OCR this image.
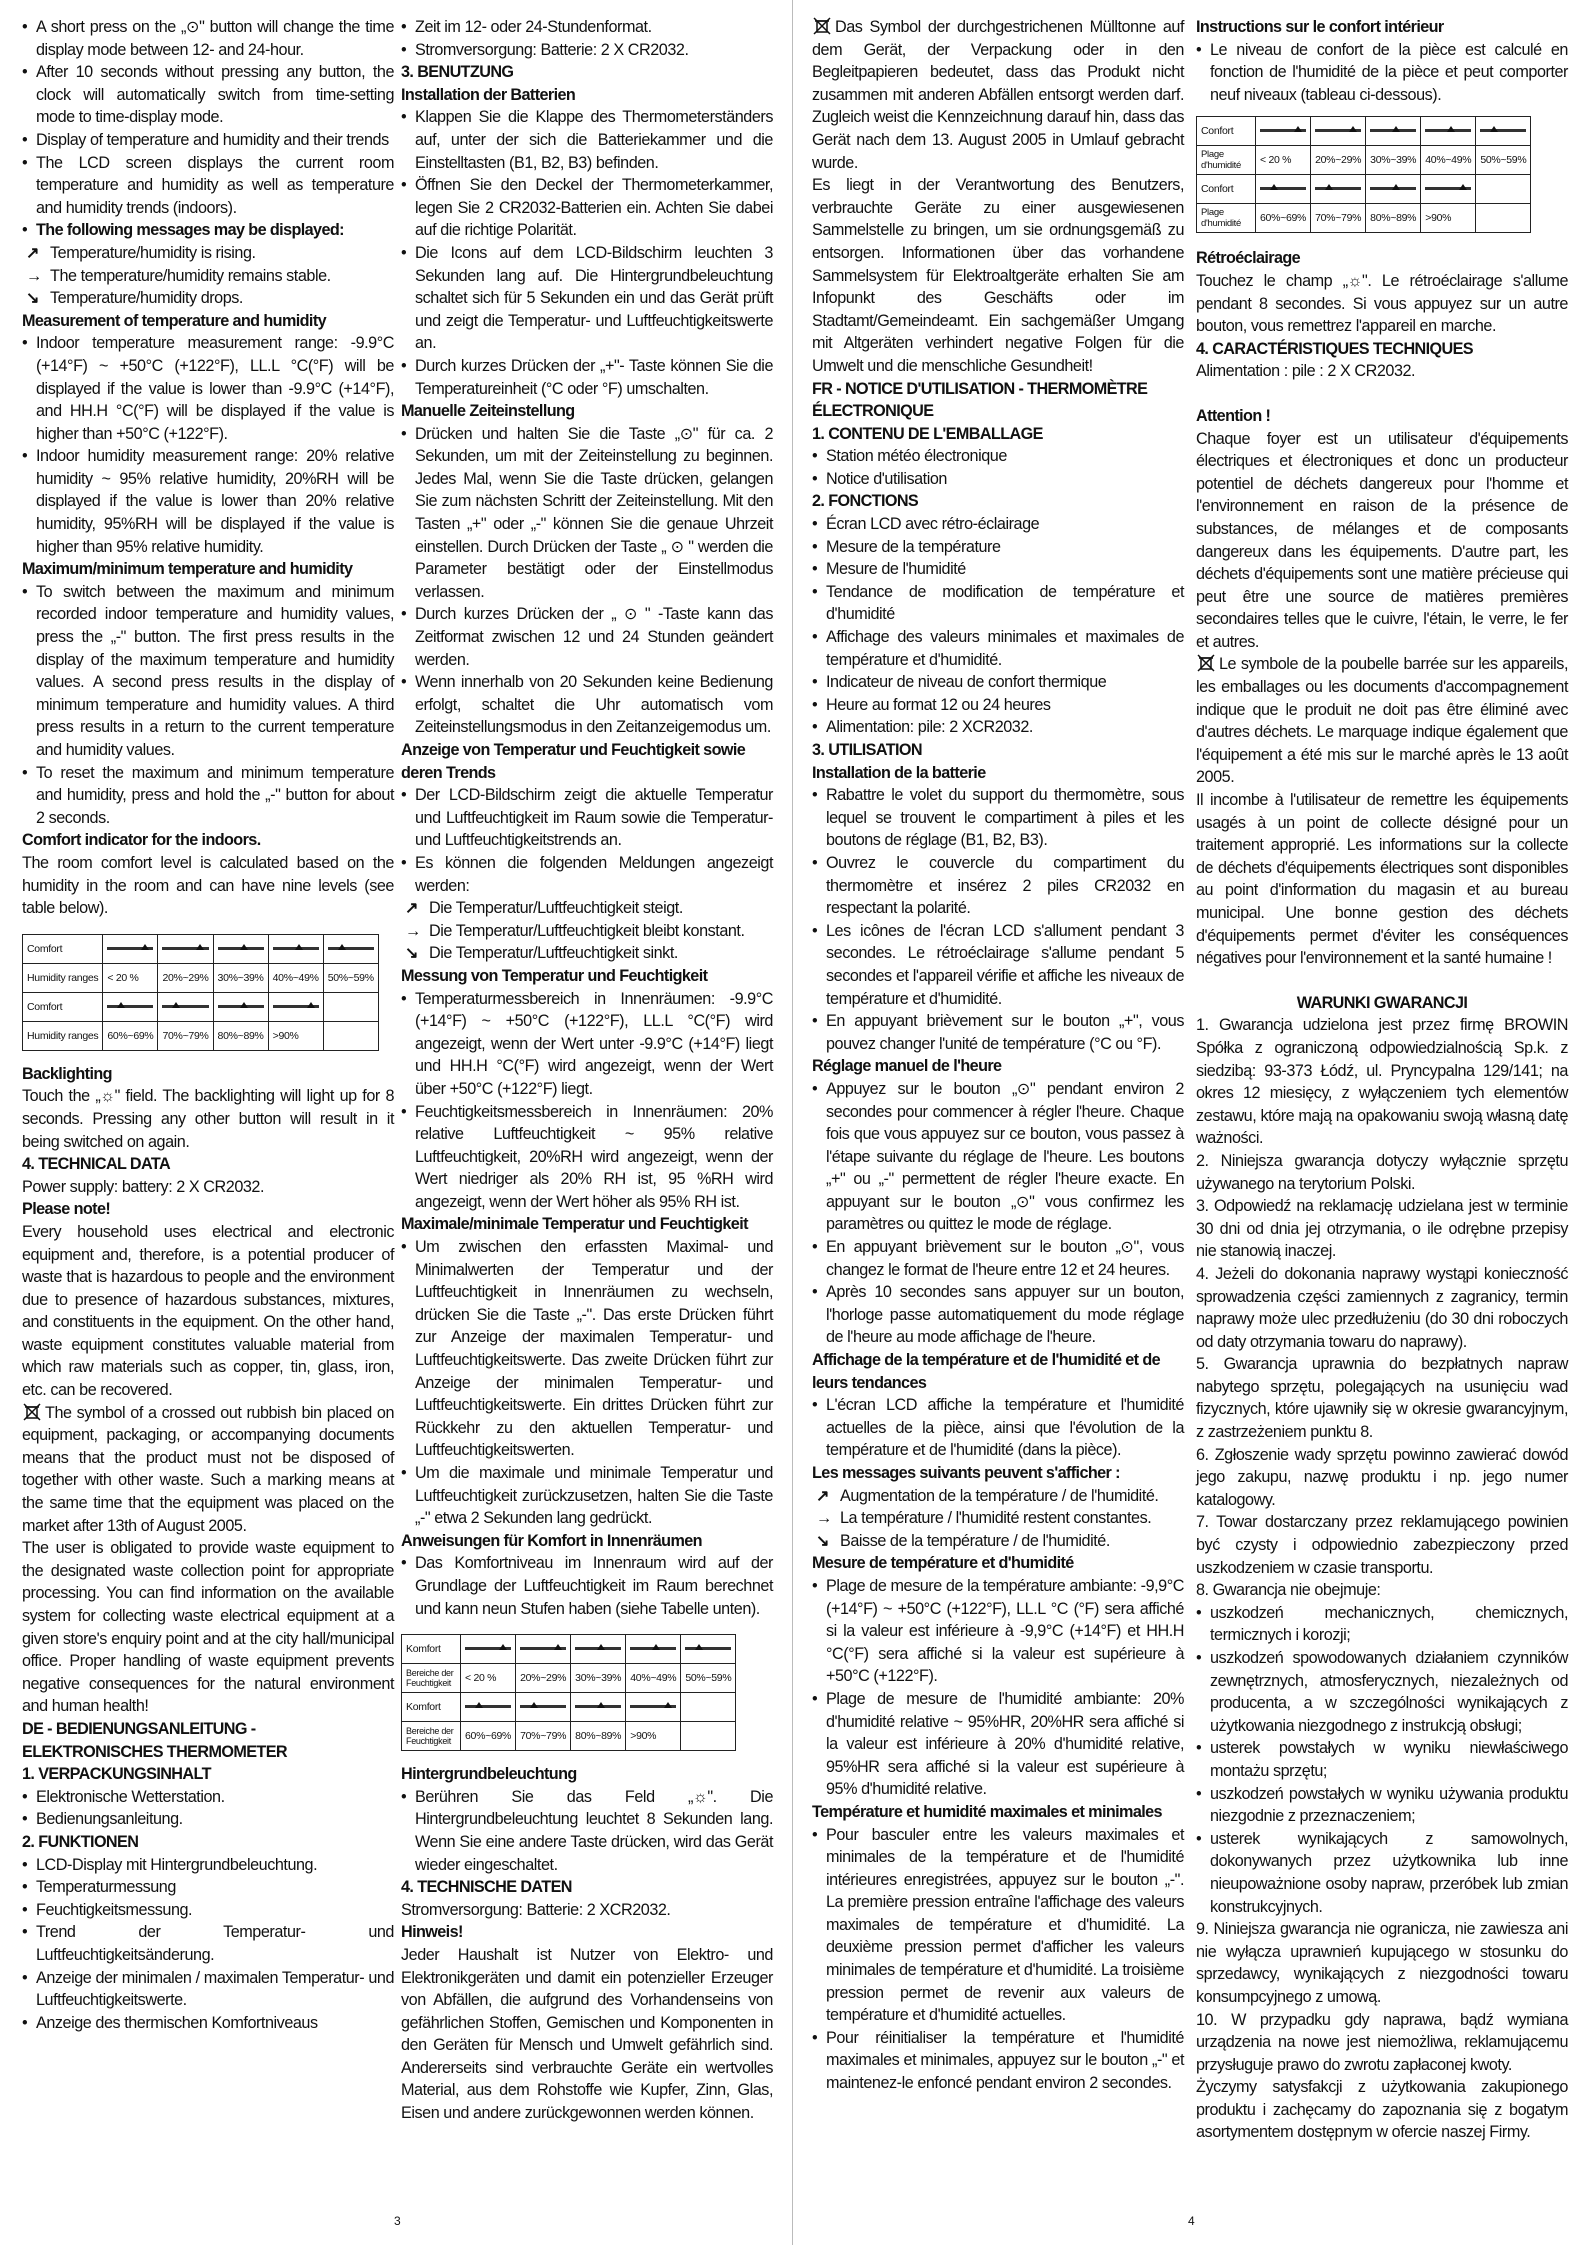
• A short press on the „⊙" button will change the time display mode between 12- and 24-hour.
• After 10 seconds without pressing any button, the clock will automatically switch from time-setting mode to time-display mode.
• Display of temperature and humidity and their trends
• The LCD screen displays the current room temperature and humidity as well as temperature and humidity trends (indoors).
• The following messages may be displayed:
↗ Temperature/humidity is rising.
→ The temperature/humidity remains stable.
↘ Temperature/humidity drops.
Measurement of temperature and humidity
• Indoor temperature measurement range: -9.9°C (+14°F) ~ +50°C (+122°F), LL.L °C(°F) will be displayed if the value is lower than -9.9°C (+14°F), and HH.H °C(°F) will be displayed if the value is higher than +50°C (+122°F).
• Indoor humidity measurement range: 20% relative humidity ~ 95% relative humidity, 20%RH will be displayed if the value is lower than 20% relative humidity, 95%RH will be displayed if the value is higher than 95% relative humidity.
Maximum/minimum temperature and humidity
• To switch between the maximum and minimum recorded indoor temperature and humidity values, press the „-" button. The first press results in the display of the maximum temperature and humidity values. A second press results in the display of minimum temperature and humidity values. A third press results in a return to the current temperature and humidity values.
• To reset the maximum and minimum temperature and humidity, press and hold the „-" button for about 2 seconds.
Comfort indicator for the indoors.

The room comfort level is calculated based on the humidity in the room and can have nine levels (see table below).

Comfort	

Humidity ranges	< 20 %	20%~29%	30%~39%	40%~49%	50%~59%
Comfort	

Humidity ranges	60%~69%	70%~79%	80%~89%	>90%	
Backlighting

Touch the „☼" field. The backlighting will light up for 8 seconds. Pressing any other button will result in it being switched on again.

4. TECHNICAL DATA

Power supply: battery: 2 X CR2032.

Please note!

Every household uses electrical and electronic equipment and, therefore, is a potential producer of waste that is hazardous to people and the environment due to presence of hazardous substances, mixtures, and constituents in the equipment. On the other hand, waste equipment constitutes valuable material from which raw materials such as copper, tin, glass, iron, etc. can be recovered.

The symbol of a crossed out rubbish bin placed on equipment, packaging, or accompanying documents means that the product must not be disposed of together with other waste. Such a marking means at the same time that the equipment was placed on the market after 13th of August 2005.

The user is obligated to provide waste equipment to the designated waste collection point for appropriate processing. You can find information on the available system for collecting waste electrical equipment at a given store's enquiry point and at the city hall/municipal office. Proper handling of waste equipment prevents negative consequences for the natural environment and human health!

DE - BEDIENUNGSANLEITUNG - ELEKTRONISCHES THERMOMETER
1. VERPACKUNGSINHALT
• Elektronische Wetterstation.
• Bedienungsanleitung.
2. FUNKTIONEN
• LCD-Display mit Hintergrundbeleuchtung.
• Temperaturmessung
• Feuchtigkeitsmessung.
• Trend der Temperatur- und Luftfeuchtigkeitsänderung.
• Anzeige der minimalen / maximalen Temperatur- und Luftfeuchtigkeitswerte.
• Anzeige des thermischen Komfortniveaus
• Zeit im 12- oder 24-Stundenformat.
• Stromversorgung: Batterie: 2 X CR2032.
3. BENUTZUNG
Installation der Batterien
• Klappen Sie die Klappe des Thermometerständers auf, unter der sich die Batteriekammer und die Einstelltasten (B1, B2, B3) befinden.
• Öffnen Sie den Deckel der Thermometerkammer, legen Sie 2 CR2032-Batterien ein. Achten Sie dabei auf die richtige Polarität.
• Die Icons auf dem LCD-Bildschirm leuchten 3 Sekunden lang auf. Die Hintergrundbeleuchtung schaltet sich für 5 Sekunden ein und das Gerät prüft und zeigt die Temperatur- und Luftfeuchtigkeitswerte an.
• Durch kurzes Drücken der „+"- Taste können Sie die Temperatureinheit (°C oder °F) umschalten.
Manuelle Zeiteinstellung
• Drücken und halten Sie die Taste „⊙" für ca. 2 Sekunden, um mit der Zeiteinstellung zu beginnen. Jedes Mal, wenn Sie die Taste drücken, gelangen Sie zum nächsten Schritt der Zeiteinstellung. Mit den Tasten „+" oder „-" können Sie die genaue Uhrzeit einstellen. Durch Drücken der Taste „ ⊙ " werden die Parameter bestätigt oder der Einstellmodus verlassen.
• Durch kurzes Drücken der „ ⊙ " -Taste kann das Zeitformat zwischen 12 und 24 Stunden geändert werden.
• Wenn innerhalb von 20 Sekunden keine Bedienung erfolgt, schaltet die Uhr automatisch vom Zeiteinstellungsmodus in den Zeitanzeigemodus um.
Anzeige von Temperatur und Feuchtigkeit sowie deren Trends
• Der LCD-Bildschirm zeigt die aktuelle Temperatur und Luftfeuchtigkeit im Raum sowie die Temperatur- und Luftfeuchtigkeitstrends an.
• Es können die folgenden Meldungen angezeigt werden:
↗ Die Temperatur/Luftfeuchtigkeit steigt.
→ Die Temperatur/Luftfeuchtigkeit bleibt konstant.
↘ Die Temperatur/Luftfeuchtigkeit sinkt.
Messung von Temperatur und Feuchtigkeit
• Temperaturmessbereich in Innenräumen: -9.9°C (+14°F) ~ +50°C (+122°F), LL.L °C(°F) wird angezeigt, wenn der Wert unter -9.9°C (+14°F) liegt und HH.H °C(°F) wird angezeigt, wenn der Wert über +50°C (+122°F) liegt.
• Feuchtigkeitsmessbereich in Innenräumen: 20% relative Luftfeuchtigkeit ~ 95% relative Luftfeuchtigkeit, 20%RH wird angezeigt, wenn der Wert niedriger als 20% RH ist, 95 %RH wird angezeigt, wenn der Wert höher als 95% RH ist.
Maximale/minimale Temperatur und Feuchtigkeit
• Um zwischen den erfassten Maximal- und Minimalwerten der Temperatur und der Luftfeuchtigkeit in Innenräumen zu wechseln, drücken Sie die Taste „-". Das erste Drücken führt zur Anzeige der maximalen Temperatur- und Luftfeuchtigkeitswerte. Das zweite Drücken führt zur Anzeige der minimalen Temperatur- und Luftfeuchtigkeitswerte. Ein drittes Drücken führt zur Rückkehr zu den aktuellen Temperatur- und Luftfeuchtigkeitswerten.
• Um die maximale und minimale Temperatur und Luftfeuchtigkeit zurückzusetzen, halten Sie die Taste „-" etwa 2 Sekunden lang gedrückt.
Anweisungen für Komfort in Innenräumen
• Das Komfortniveau im Innenraum wird auf der Grundlage der Luftfeuchtigkeit im Raum berechnet und kann neun Stufen haben (siehe Tabelle unten).
Komfort	

Bereiche der Feuchtigkeit	< 20 %	20%~29%	30%~39%	40%~49%	50%~59%
Komfort	

Bereiche der Feuchtigkeit	60%~69%	70%~79%	80%~89%	>90%	
Hintergrundbeleuchtung
• Berühren Sie das Feld „☼". Die Hintergrundbeleuchtung leuchtet 8 Sekunden lang. Wenn Sie eine andere Taste drücken, wird das Gerät wieder eingeschaltet.
4. TECHNISCHE DATEN

Stromversorgung: Batterie: 2 XCR2032.

Hinweis!

Jeder Haushalt ist Nutzer von Elektro- und Elektronikgeräten und damit ein potenzieller Erzeuger von Abfällen, die aufgrund des Vorhandenseins von gefährlichen Stoffen, Gemischen und Komponenten in den Geräten für Mensch und Umwelt gefährlich sind. Andererseits sind verbrauchte Geräte ein wertvolles Material, aus dem Rohstoffe wie Kupfer, Zinn, Glas, Eisen und andere zurückgewonnen werden können.

3

Das Symbol der durchgestrichenen Mülltonne auf dem Gerät, der Verpackung oder in den Begleitpapieren bedeutet, dass das Produkt nicht zusammen mit anderen Abfällen entsorgt werden darf. Zugleich weist die Kennzeichnung darauf hin, dass das Gerät nach dem 13. August 2005 in Umlauf gebracht wurde.

Es liegt in der Verantwortung des Benutzers, verbrauchte Geräte zu einer ausgewiesenen Sammelstelle zu bringen, um sie ordnungsgemäß zu entsorgen. Informationen über das vorhandene Sammelsystem für Elektroaltgeräte erhalten Sie am Infopunkt des Geschäfts oder im Stadtamt/Gemeindeamt. Ein sachgemäßer Umgang mit Altgeräten verhindert negative Folgen für die Umwelt und die menschliche Gesundheit!

FR - NOTICE D'UTILISATION - THERMOMÈTRE ÉLECTRONIQUE
1. CONTENU DE L'EMBALLAGE
• Station météo électronique
• Notice d'utilisation
2. FONCTIONS
• Écran LCD avec rétro-éclairage
• Mesure de la température
• Mesure de l'humidité
• Tendance de modification de température et d'humidité
• Affichage des valeurs minimales et maximales de température et d'humidité.
• Indicateur de niveau de confort thermique
• Heure au format 12 ou 24 heures
• Alimentation: pile: 2 XCR2032.
3. UTILISATION
Installation de la batterie
• Rabattre le volet du support du thermomètre, sous lequel se trouvent le compartiment à piles et les boutons de réglage (B1, B2, B3).
• Ouvrez le couvercle du compartiment du thermomètre et insérez 2 piles CR2032 en respectant la polarité.
• Les icônes de l'écran LCD s'allument pendant 3 secondes. Le rétroéclairage s'allume pendant 5 secondes et l'appareil vérifie et affiche les niveaux de température et d'humidité.
• En appuyant brièvement sur le bouton „+", vous pouvez changer l'unité de température (°C ou °F).
Réglage manuel de l'heure
• Appuyez sur le bouton „⊙" pendant environ 2 secondes pour commencer à régler l'heure. Chaque fois que vous appuyez sur ce bouton, vous passez à l'étape suivante du réglage de l'heure. Les boutons „+" ou „-" permettent de régler l'heure exacte. En appuyant sur le bouton „⊙" vous confirmez les paramètres ou quittez le mode de réglage.
• En appuyant brièvement sur le bouton „⊙", vous changez le format de l'heure entre 12 et 24 heures.
• Après 10 secondes sans appuyer sur un bouton, l'horloge passe automatiquement du mode réglage de l'heure au mode affichage de l'heure.
Affichage de la température et de l'humidité et de leurs tendances
• L'écran LCD affiche la température et l'humidité actuelles de la pièce, ainsi que l'évolution de la température et de l'humidité (dans la pièce).
Les messages suivants peuvent s'afficher :
↗ Augmentation de la température / de l'humidité.
→ La température / l'humidité restent constantes.
↘ Baisse de la température / de l'humidité.
Mesure de température et d'humidité
• Plage de mesure de la température ambiante: -9,9°C (+14°F) ~ +50°C (+122°F), LL.L °C (°F) sera affiché si la valeur est inférieure à -9,9°C (+14°F) et HH.H °C(°F) sera affiché si la valeur est supérieure à +50°C (+122°F).
• Plage de mesure de l'humidité ambiante: 20% d'humidité relative ~ 95%HR, 20%HR sera affiché si la valeur est inférieure à 20% d'humidité relative, 95%HR sera affiché si la valeur est supérieure à 95% d'humidité relative.
Température et humidité maximales et minimales
• Pour basculer entre les valeurs maximales et minimales de la température et de l'humidité intérieures enregistrées, appuyez sur le bouton „-". La première pression entraîne l'affichage des valeurs maximales de température et d'humidité. La deuxième pression permet d'afficher les valeurs minimales de température et d'humidité. La troisième pression permet de revenir aux valeurs de température et d'humidité actuelles.
• Pour réinitialiser la température et l'humidité maximales et minimales, appuyez sur le bouton „-" et maintenez-le enfoncé pendant environ 2 secondes.
Instructions sur le confort intérieur
• Le niveau de confort de la pièce est calculé en fonction de l'humidité de la pièce et peut comporter neuf niveaux (tableau ci-dessous).
Confort	

Plage d'humidité	< 20 %	20%~29%	30%~39%	40%~49%	50%~59%
Confort	

Plage d'humidité	60%~69%	70%~79%	80%~89%	>90%	
Rétroéclairage

Touchez le champ „☼". Le rétroéclairage s'allume pendant 8 secondes. Si vous appuyez sur un autre bouton, vous remettrez l'appareil en marche.

4. CARACTÉRISTIQUES TECHNIQUES

Alimentation : pile : 2 X CR2032.

Attention !

Chaque foyer est un utilisateur d'équipements électriques et électroniques et donc un producteur potentiel de déchets dangereux pour l'homme et l'environnement en raison de la présence de substances, de mélanges et de composants dangereux dans les équipements. D'autre part, les déchets d'équipements sont une matière précieuse qui peut être une source de matières premières secondaires telles que le cuivre, l'étain, le verre, le fer et autres.

Le symbole de la poubelle barrée sur les appareils, les emballages ou les documents d'accompagnement indique que le produit ne doit pas être éliminé avec d'autres déchets. Le marquage indique également que l'équipement a été mis sur le marché après le 13 août 2005.

Il incombe à l'utilisateur de remettre les équipements usagés à un point de collecte désigné pour un traitement approprié. Les informations sur la collecte de déchets d'équipements électriques sont disponibles au point d'information du magasin et au bureau municipal. Une bonne gestion des déchets d'équipements permet d'éviter les conséquences négatives pour l'environnement et la santé humaine !

WARUNKI GWARANCJI

1. Gwarancja udzielona jest przez firmę BROWIN Spółka z ograniczoną odpowiedzialnością Sp.k. z siedzibą: 93-373 Łódź, ul. Pryncypalna 129/141; na okres 12 miesięcy, z wyłączeniem tych elementów zestawu, które mają na opakowaniu swoją własną datę ważności.

2. Niniejsza gwarancja dotyczy wyłącznie sprzętu używanego na terytorium Polski.

3. Odpowiedź na reklamację udzielana jest w terminie 30 dni od dnia jej otrzymania, o ile odrębne przepisy nie stanowią inaczej.

4. Jeżeli do dokonania naprawy wystąpi konieczność sprowadzenia części zamiennych z zagranicy, termin naprawy może ulec przedłużeniu (do 30 dni roboczych od daty otrzymania towaru do naprawy).

5. Gwarancja uprawnia do bezpłatnych napraw nabytego sprzętu, polegających na usunięciu wad fizycznych, które ujawniły się w okresie gwarancyjnym, z zastrzeżeniem punktu 8.

6. Zgłoszenie wady sprzętu powinno zawierać dowód jego zakupu, nazwę produktu i np. jego numer katalogowy.

7. Towar dostarczany przez reklamującego powinien być czysty i odpowiednio zabezpieczony przed uszkodzeniem w czasie transportu.

8. Gwarancja nie obejmuje:

• uszkodzeń mechanicznych, chemicznych, termicznych i korozji;
• uszkodzeń spowodowanych działaniem czynników zewnętrznych, atmosferycznych, niezależnych od producenta, a w szczególności wynikających z użytkowania niezgodnego z instrukcją obsługi;
• usterek powstałych w wyniku niewłaściwego montażu sprzętu;
• uszkodzeń powstałych w wyniku używania produktu niezgodnie z przeznaczeniem;
• usterek wynikających z samowolnych, dokonywanych przez użytkownika lub inne nieupoważnione osoby napraw, przeróbek lub zmian konstrukcyjnych.

9. Niniejsza gwarancja nie ogranicza, nie zawiesza ani nie wyłącza uprawnień kupującego w stosunku do sprzedawcy, wynikających z niezgodności towaru konsumpcyjnego z umową.

10. W przypadku gdy naprawa, bądź wymiana urządzenia na nowe jest niemożliwa, reklamującemu przysługuje prawo do zwrotu zapłaconej kwoty.

Życzymy satysfakcji z użytkowania zakupionego produktu i zachęcamy do zapoznania się z bogatym asortymentem dostępnym w ofercie naszej Firmy.

4
